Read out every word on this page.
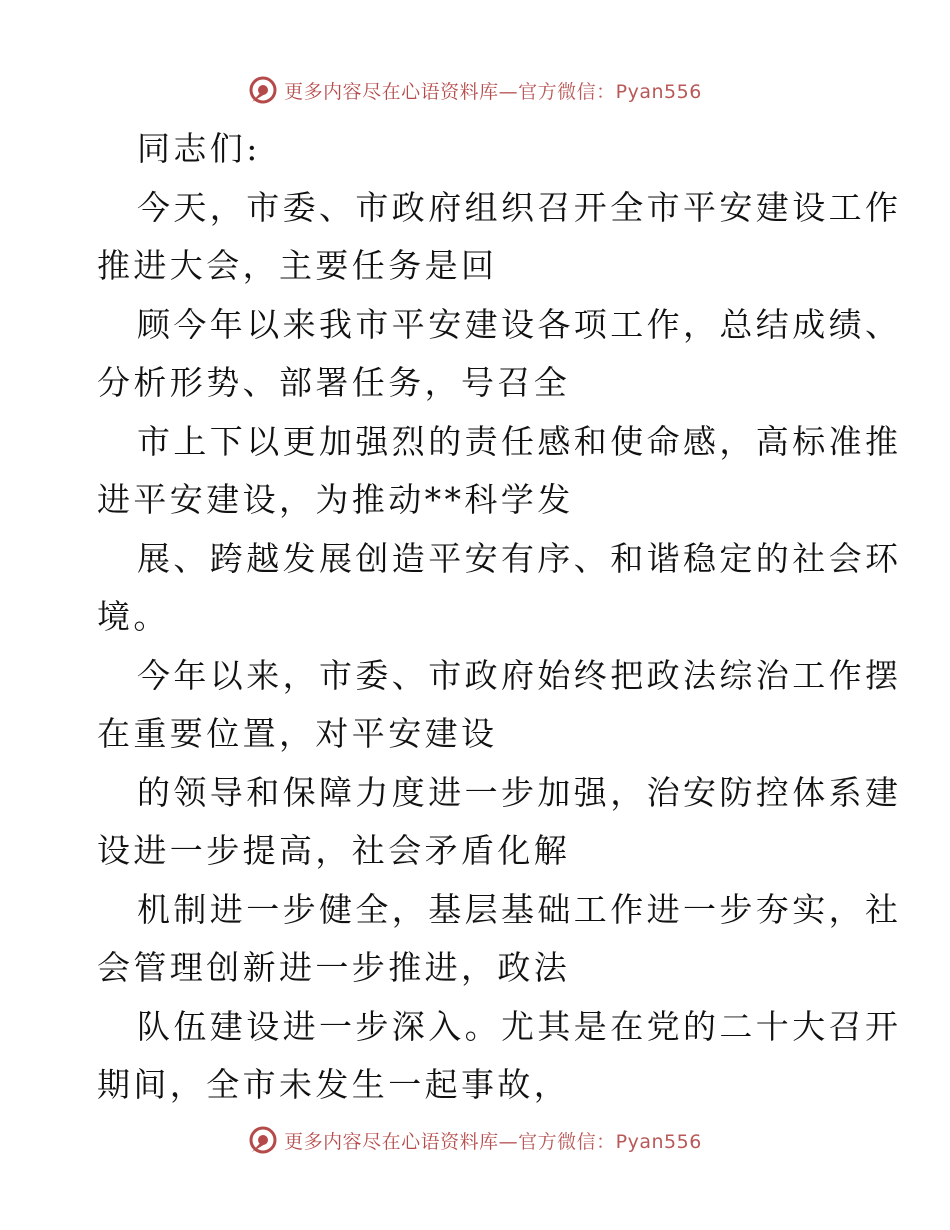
更多内容尽在心语资料库 —官方微信：Pyan556
同志们:
今天，市委、市政府组织召开全市平安建设工作
推进大会，主要任务是回
顾今年以来我市平安建设各项工作，总结成绩、
分析形势、部署任务，号召全
市上下以更加强烈的责任感和使命感，高标准推
进平安建设，为推动**科学发
展、跨越发展创造平安有序、和谐稳定的社会环
境。
今年以来，市委、市政府始终把政法综治工作摆
在重要位置，对平安建设
的领导和保障力度进一步加强，治安防控体系建
设进一步提高，社会矛盾化解
机制进一步健全，基层基础工作进一步夯实，社
会管理创新进一步推进，政法
队伍建设进一步深入。尤其是在党的二十大召开
期间，全市未发生一起事故，
更多内容尽在心语资料库 —官方微信：Pyan556
